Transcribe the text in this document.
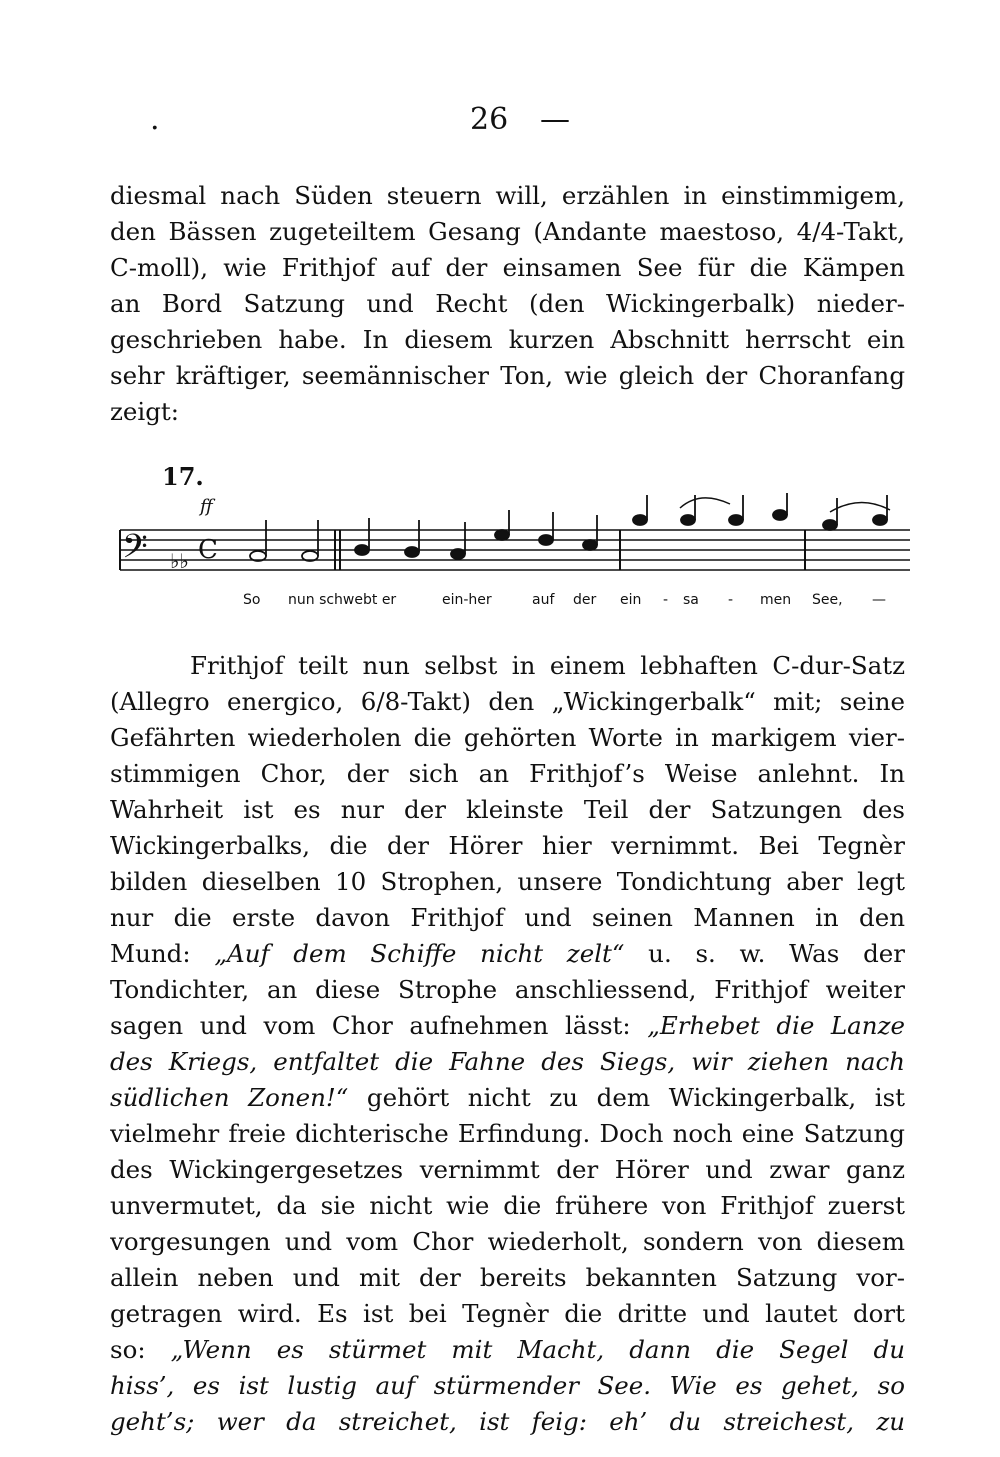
.	26 —
diesmal nach Süden steuern will, erzählen in einstimmigem,
den Bässen zugeteiltem Gesang (Andante maestoso, 4/4-Takt,
C-moll), wie Frithjof auf der einsamen See für die Kämpen
an Bord Satzung und Recht (den Wickingerbalk) nieder-
geschrieben habe. In diesem kurzen Abschnitt herrscht ein
sehr kräftiger, seemännischer Ton, wie gleich der Choranfang
zeigt:
17.
𝄢 ♭♭
ff
C
So nun schwebt er	ein-her	auf der ein - sa - men See, —
Frithjof teilt nun selbst in einem lebhaften C-dur-Satz
(Allegro energico, 6/8-Takt) den „Wickingerbalk“ mit; seine
Gefährten wiederholen die gehörten Worte in markigem vier-
stimmigen Chor, der sich an Frithjof’s Weise anlehnt. In
Wahrheit ist es nur der kleinste Teil der Satzungen des
Wickingerbalks, die der Hörer hier vernimmt. Bei Tegnèr
bilden dieselben 10 Strophen, unsere Tondichtung aber legt
nur die erste davon Frithjof und seinen Mannen in den
Mund: „Auf dem Schiffe nicht zelt“ u. s. w. Was der
Tondichter, an diese Strophe anschliessend, Frithjof weiter
sagen und vom Chor aufnehmen lässt: „Erhebet die Lanze
des Kriegs, entfaltet die Fahne des Siegs, wir ziehen nach
südlichen Zonen!“ gehört nicht zu dem Wickingerbalk, ist
vielmehr freie dichterische Erfindung. Doch noch eine Satzung
des Wickingergesetzes vernimmt der Hörer und zwar ganz
unvermutet, da sie nicht wie die frühere von Frithjof zuerst
vorgesungen und vom Chor wiederholt, sondern von diesem
allein neben und mit der bereits bekannten Satzung vor-
getragen wird. Es ist bei Tegnèr die dritte und lautet dort
so: „Wenn es stürmet mit Macht, dann die Segel du
hiss’, es ist lustig auf stürmender See. Wie es gehet, so
geht’s; wer da streichet, ist feig: eh’ du streichest, zu
